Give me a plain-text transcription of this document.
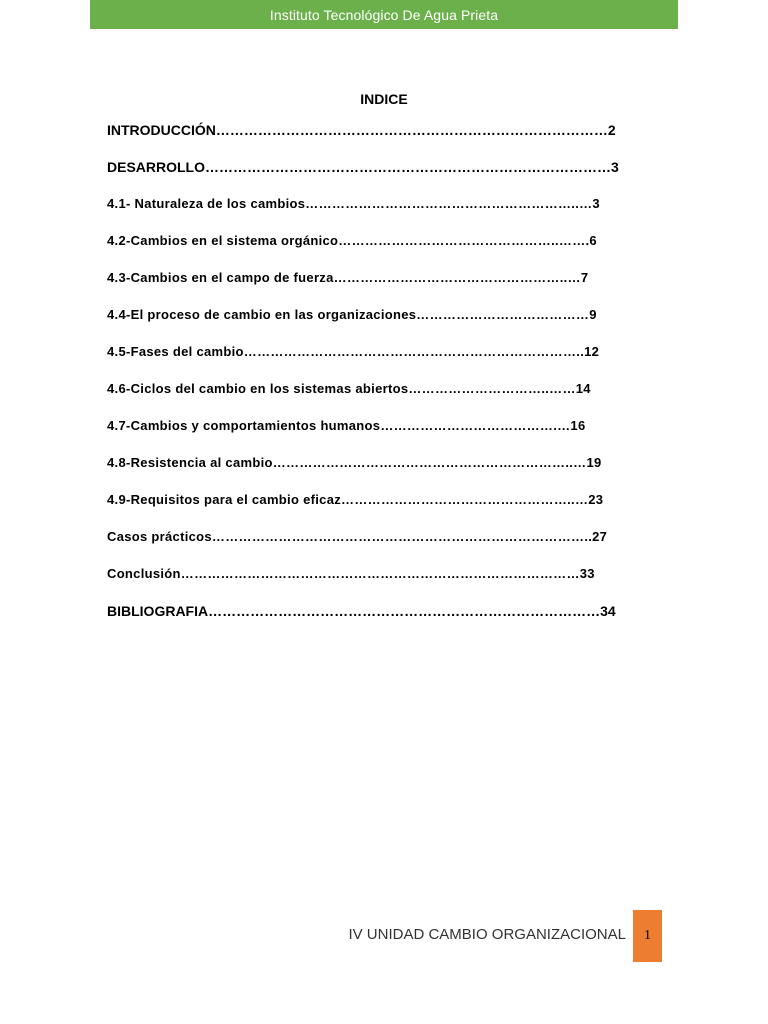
Instituto Tecnológico De Agua Prieta
INDICE
INTRODUCCIÓN…………………………………………………………………………2
DESARROLLO……………………………………………………………………………3
4.1- Naturaleza de los cambios……………………………………………………..…3
4.2-Cambios en el sistema orgánico…………………………………………..…….6
4.3-Cambios en el campo de fuerza……………………………………………..…7
4.4-El proceso de cambio en las organizaciones…………………………………9
4.5-Fases del cambio…………………………………………………………………..12
4.6-Ciclos del cambio en los sistemas abiertos…………………………..……14
4.7-Cambios y comportamientos humanos………………………………….…16
4.8-Resistencia al cambio…………………………………………………………..…19
4.9-Requisitos para el cambio eficaz……………………………………………..…23
Casos prácticos…………………………………………………………………………..27
Conclusión………………………………………………………………………………33
BIBLIOGRAFIA…………………………………………………………………………34
IV UNIDAD CAMBIO ORGANIZACIONAL 1
